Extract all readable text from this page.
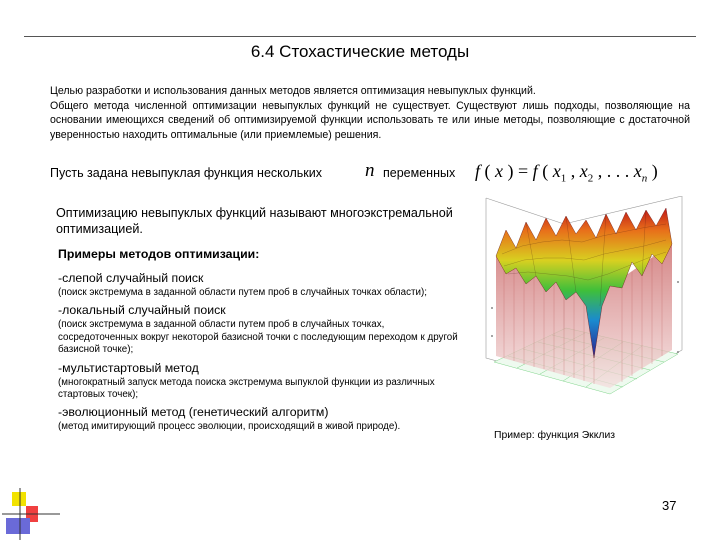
6.4 Стохастические методы

Целью разработки и использования данных методов является оптимизация невыпуклых функций.

Общего метода численной оптимизации невыпуклых функций не существует. Существуют лишь подходы, позволяющие на основании имеющихся сведений об оптимизируемой функции использовать те или иные методы, позволяющие с достаточной уверенностью находить оптимальные (или приемлемые) решения.

Пусть задана невыпуклая функция нескольких n переменных f ( x ) = f ( $x_1$ , $x_2$ , . . . $x_n$ )

Оптимизацию невыпуклых функций называют многоэкстремальной оптимизацией.

Примеры методов оптимизации:

-слепой случайный поиск

(поиск экстремума в заданной области путем проб в случайных точках области);

-локальный случайный поиск

(поиск экстремума в заданной области путем проб в случайных точках, сосредоточенных вокруг некоторой базисной точки с последующим переходом к другой базисной точке);

-мультистартовый метод

(многократный запуск метода поиска экстремума выпуклой функции из различных стартовых точек);

-эволюционный метод (генетический алгоритм)

(метод имитирующий процесс эволюции, происходящий в живой природе).

Пример: функция Экклиз
37
